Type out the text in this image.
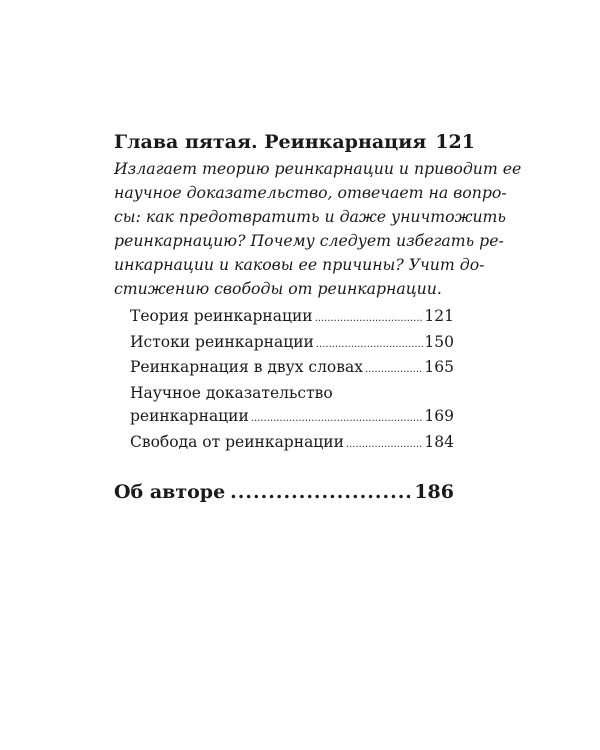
Глава пятая. Реинкарнация 121
Излагает теорию реинкарнации и приводит ее
научное доказательство, отвечает на вопро-
сы: как предотвратить и даже уничтожить
реинкарнацию? Почему следует избегать ре-
инкарнации и каковы ее причины? Учит до-
стижению свободы от реинкарнации.
Теория реинкарнации .....	121
Истоки реинкарнации .....	150
Реинкарнация в двух словах .....	165
Научное доказательство
реинкарнации .....	169
Свобода от реинкарнации .....	184
Об авторе .....	186
